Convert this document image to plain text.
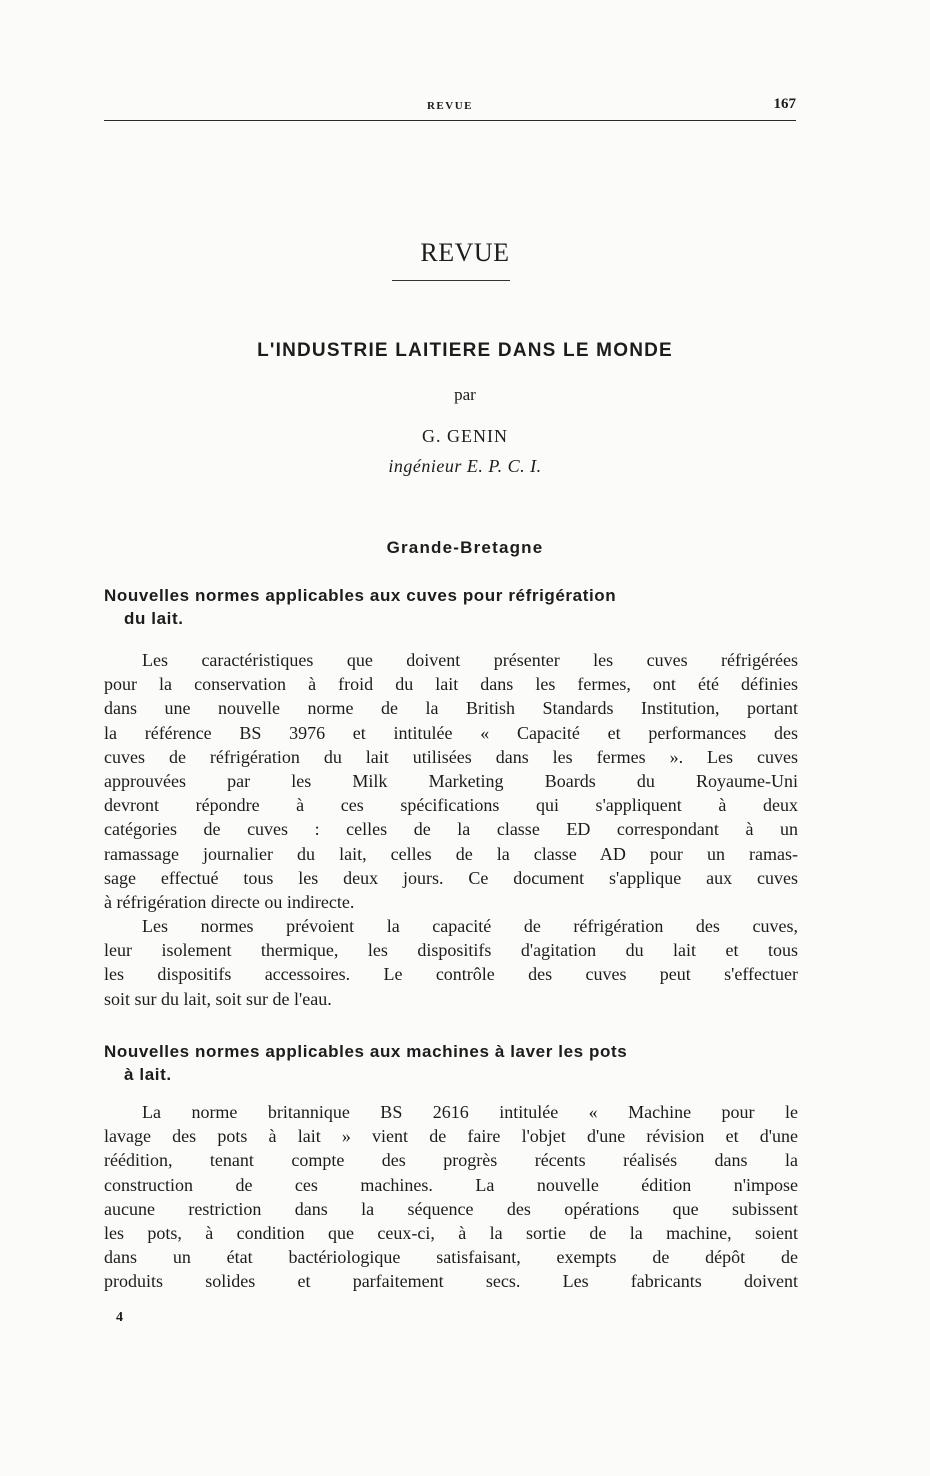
REVUE	167
REVUE
L'INDUSTRIE LAITIERE DANS LE MONDE
par
G. GENIN
ingénieur E. P. C. I.
Grande-Bretagne
Nouvelles normes applicables aux cuves pour réfrigération
du lait.
Les caractéristiques que doivent présenter les cuves réfrigérées
pour la conservation à froid du lait dans les fermes, ont été définies
dans une nouvelle norme de la British Standards Institution, portant
la référence BS 3976 et intitulée « Capacité et performances des
cuves de réfrigération du lait utilisées dans les fermes ». Les cuves
approuvées par les Milk Marketing Boards du Royaume-Uni
devront répondre à ces spécifications qui s'appliquent à deux
catégories de cuves : celles de la classe ED correspondant à un
ramassage journalier du lait, celles de la classe AD pour un ramas-
sage effectué tous les deux jours. Ce document s'applique aux cuves
à réfrigération directe ou indirecte.
Les normes prévoient la capacité de réfrigération des cuves,
leur isolement thermique, les dispositifs d'agitation du lait et tous
les dispositifs accessoires. Le contrôle des cuves peut s'effectuer
soit sur du lait, soit sur de l'eau.
Nouvelles normes applicables aux machines à laver les pots
à lait.
La norme britannique BS 2616 intitulée « Machine pour le
lavage des pots à lait » vient de faire l'objet d'une révision et d'une
réédition, tenant compte des progrès récents réalisés dans la
construction de ces machines. La nouvelle édition n'impose
aucune restriction dans la séquence des opérations que subissent
les pots, à condition que ceux-ci, à la sortie de la machine, soient
dans un état bactériologique satisfaisant, exempts de dépôt de
produits solides et parfaitement secs. Les fabricants doivent
4
